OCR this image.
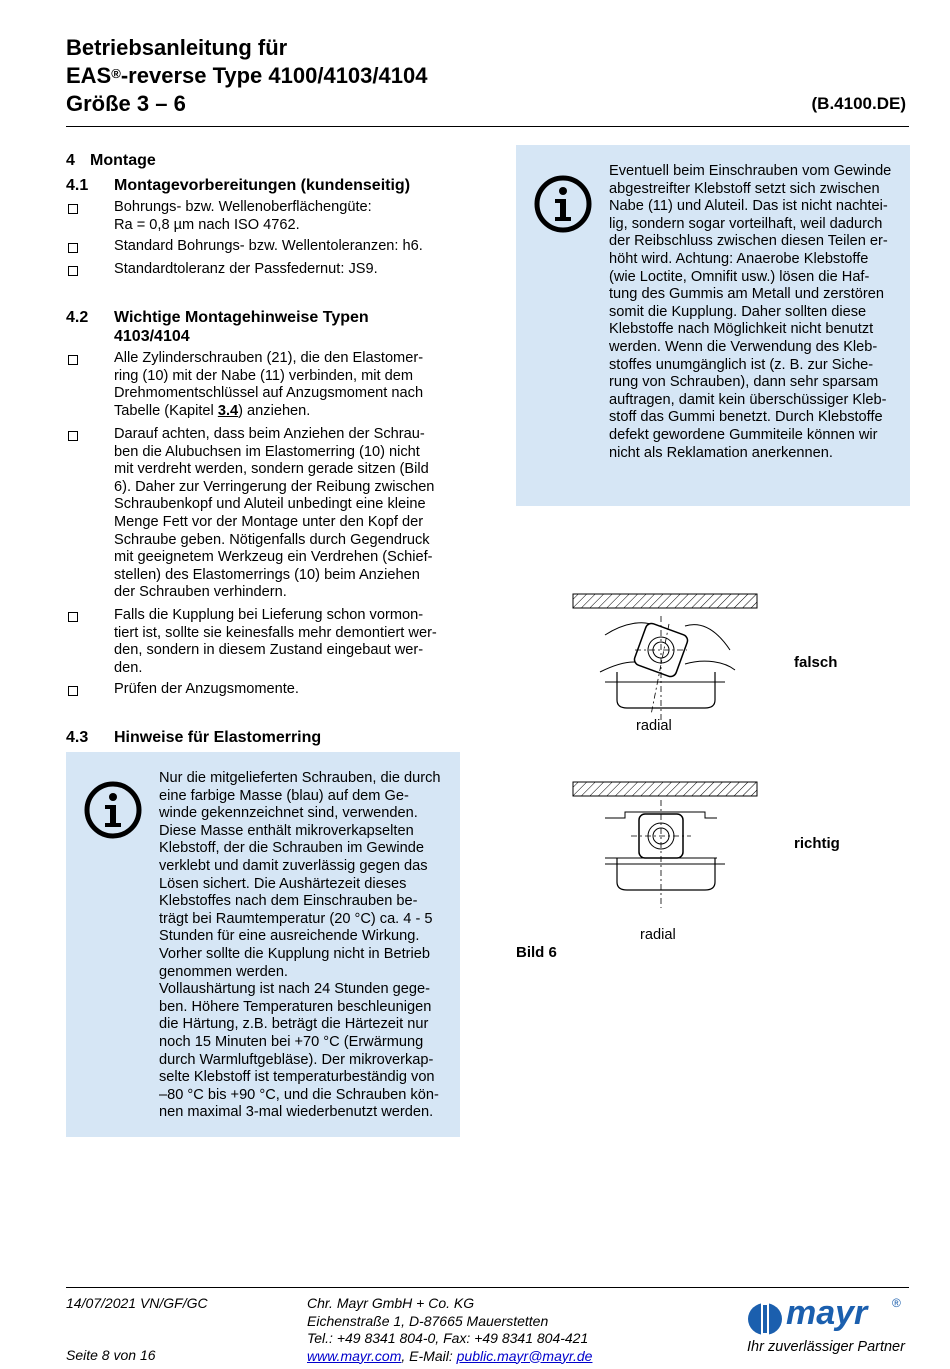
Betriebsanleitung für
EAS®-reverse Type 4100/4103/4104
Größe 3 – 6	(B.4100.DE)
4 Montage
4.1 Montagevorbereitungen (kundenseitig)
Bohrungs- bzw. Wellenoberflächengüte:
Ra = 0,8 µm nach ISO 4762.
Standard Bohrungs- bzw. Wellentoleranzen: h6.
Standardtoleranz der Passfedernut: JS9.
4.2 Wichtige Montagehinweise Typen
4103/4104
Alle Zylinderschrauben (21), die den Elastomer-
ring (10) mit der Nabe (11) verbinden, mit dem
Drehmomentschlüssel auf Anzugsmoment nach
Tabelle (Kapitel 3.4) anziehen.
Darauf achten, dass beim Anziehen der Schrau-
ben die Alubuchsen im Elastomerring (10) nicht
mit verdreht werden, sondern gerade sitzen (Bild
6). Daher zur Verringerung der Reibung zwischen
Schraubenkopf und Aluteil unbedingt eine kleine
Menge Fett vor der Montage unter den Kopf der
Schraube geben. Nötigenfalls durch Gegendruck
mit geeignetem Werkzeug ein Verdrehen (Schief-
stellen) des Elastomerrings (10) beim Anziehen
der Schrauben verhindern.
Falls die Kupplung bei Lieferung schon vormon-
tiert ist, sollte sie keinesfalls mehr demontiert wer-
den, sondern in diesem Zustand eingebaut wer-
den.
Prüfen der Anzugsmomente.
4.3 Hinweise für Elastomerring
Nur die mitgelieferten Schrauben, die durch
eine farbige Masse (blau) auf dem Ge-
winde gekennzeichnet sind, verwenden.
Diese Masse enthält mikroverkapselten
Klebstoff, der die Schrauben im Gewinde
verklebt und damit zuverlässig gegen das
Lösen sichert. Die Aushärtezeit dieses
Klebstoffes nach dem Einschrauben be-
trägt bei Raumtemperatur (20 °C) ca. 4 - 5
Stunden für eine ausreichende Wirkung.
Vorher sollte die Kupplung nicht in Betrieb
genommen werden.
Vollaushärtung ist nach 24 Stunden gege-
ben. Höhere Temperaturen beschleunigen
die Härtung, z.B. beträgt die Härtezeit nur
noch 15 Minuten bei +70 °C (Erwärmung
durch Warmluftgebläse). Der mikroverkap-
selte Klebstoff ist temperaturbeständig von
–80 °C bis +90 °C, und die Schrauben kön-
nen maximal 3-mal wiederbenutzt werden.
Eventuell beim Einschrauben vom Gewinde
abgestreifter Klebstoff setzt sich zwischen
Nabe (11) und Aluteil. Das ist nicht nachtei-
lig, sondern sogar vorteilhaft, weil dadurch
der Reibschluss zwischen diesen Teilen er-
höht wird. Achtung: Anaerobe Klebstoffe
(wie Loctite, Omnifit usw.) lösen die Haf-
tung des Gummis am Metall und zerstören
somit die Kupplung. Daher sollten diese
Klebstoffe nach Möglichkeit nicht benutzt
werden. Wenn die Verwendung des Kleb-
stoffes unumgänglich ist (z. B. zur Siche-
rung von Schrauben), dann sehr sparsam
auftragen, damit kein überschüssiger Kleb-
stoff das Gummi benetzt. Durch Klebstoffe
defekt gewordene Gummiteile können wir
nicht als Reklamation anerkennen.
radial
falsch
radial
richtig
Bild 6
14/07/2021 VN/GF/GC
Seite 8 von 16
Chr. Mayr GmbH + Co. KG
Eichenstraße 1, D-87665 Mauerstetten
Tel.: +49 8341 804-0, Fax: +49 8341 804-421
www.mayr.com, E-Mail: public.mayr@mayr.de
mayr ®
Ihr zuverlässiger Partner
